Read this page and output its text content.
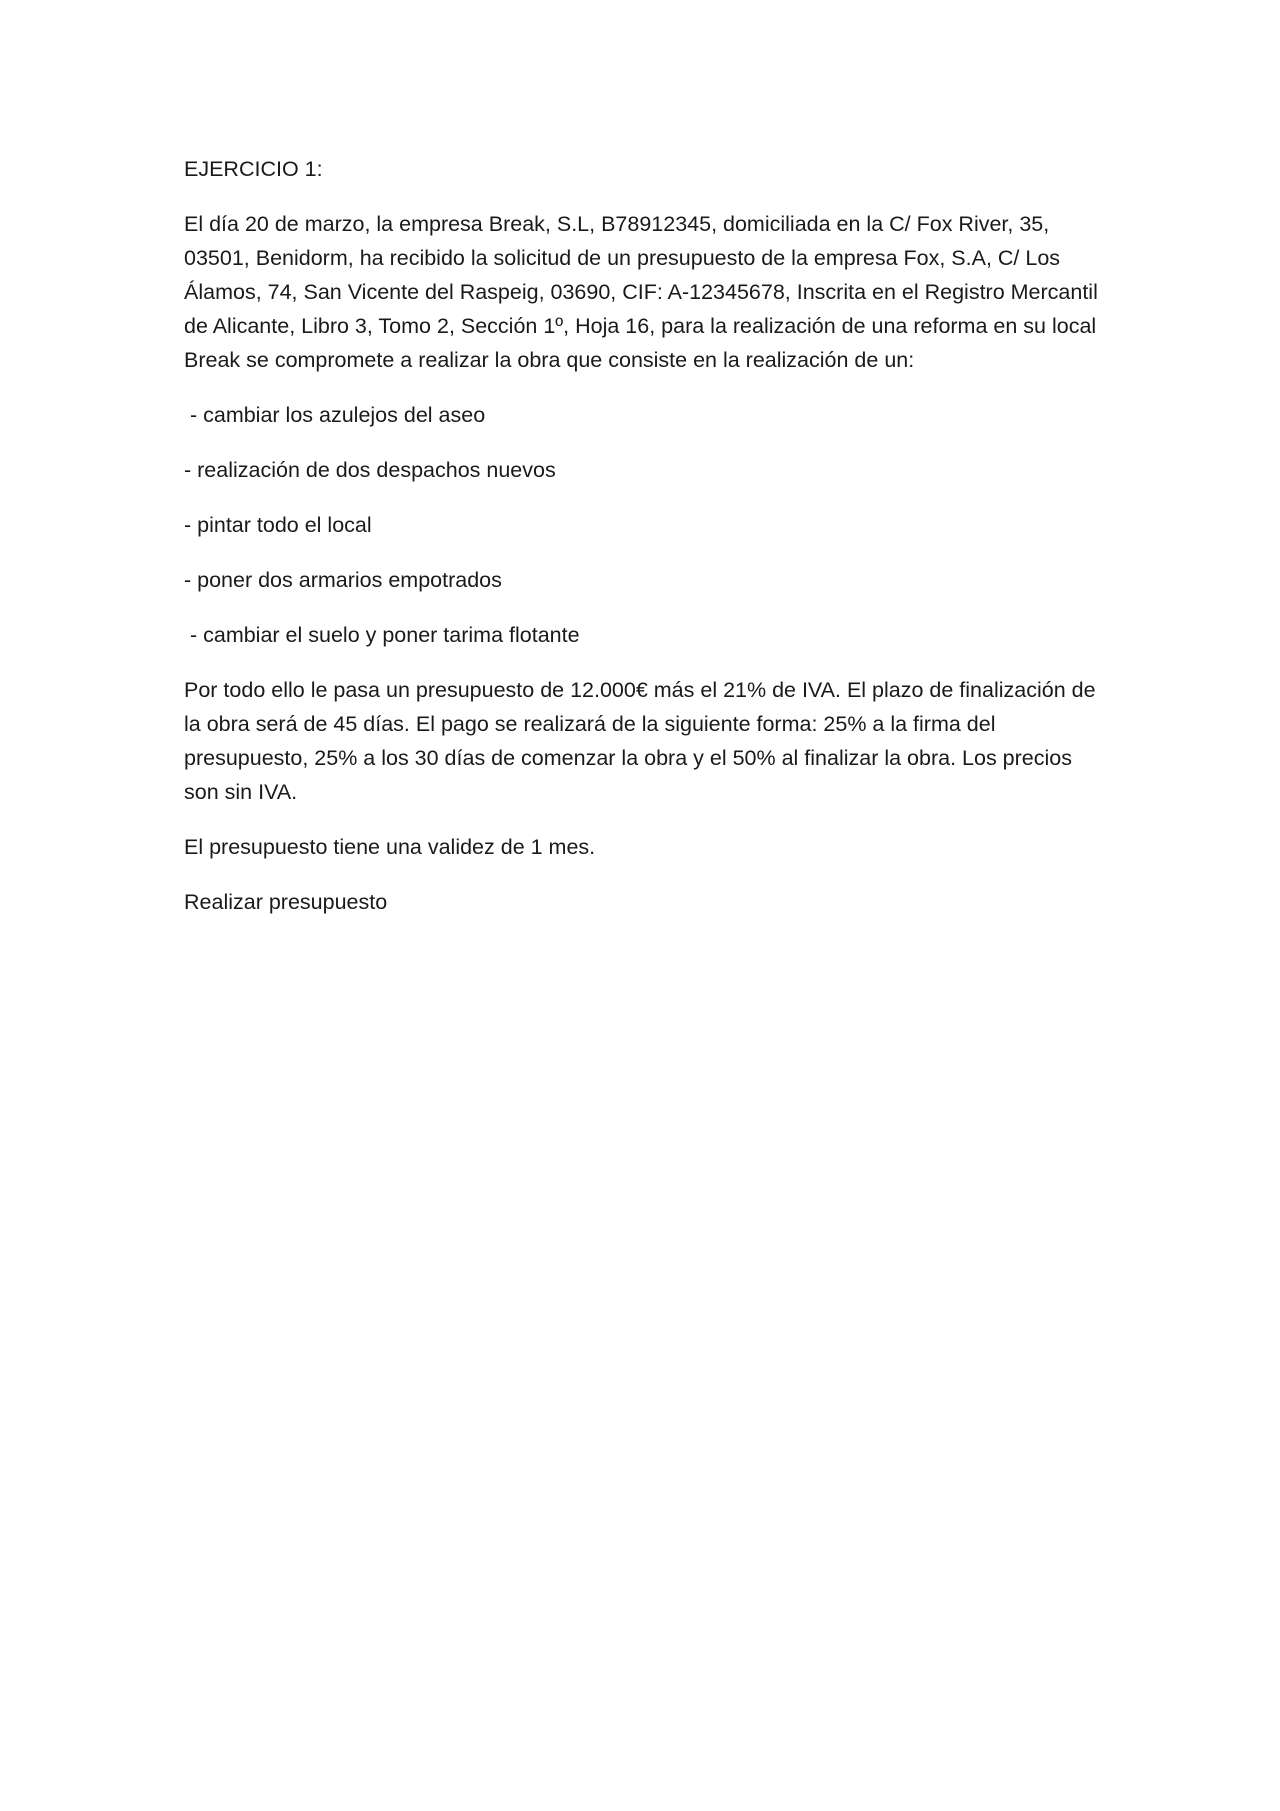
EJERCICIO 1:

El día 20 de marzo, la empresa Break, S.L, B78912345, domiciliada en la C/ Fox River, 35, 03501, Benidorm, ha recibido la solicitud de un presupuesto de la empresa Fox, S.A, C/ Los Álamos, 74, San Vicente del Raspeig, 03690, CIF: A-12345678, Inscrita en el Registro Mercantil de Alicante, Libro 3, Tomo 2, Sección 1º, Hoja 16, para la realización de una reforma en su local Break se compromete a realizar la obra que consiste en la realización de un:

- cambiar los azulejos del aseo

- realización de dos despachos nuevos

- pintar todo el local

- poner dos armarios empotrados

- cambiar el suelo y poner tarima flotante

Por todo ello le pasa un presupuesto de 12.000€ más el 21% de IVA. El plazo de finalización de la obra será de 45 días. El pago se realizará de la siguiente forma: 25% a la firma del presupuesto, 25% a los 30 días de comenzar la obra y el 50% al finalizar la obra. Los precios son sin IVA.

El presupuesto tiene una validez de 1 mes.

Realizar presupuesto
